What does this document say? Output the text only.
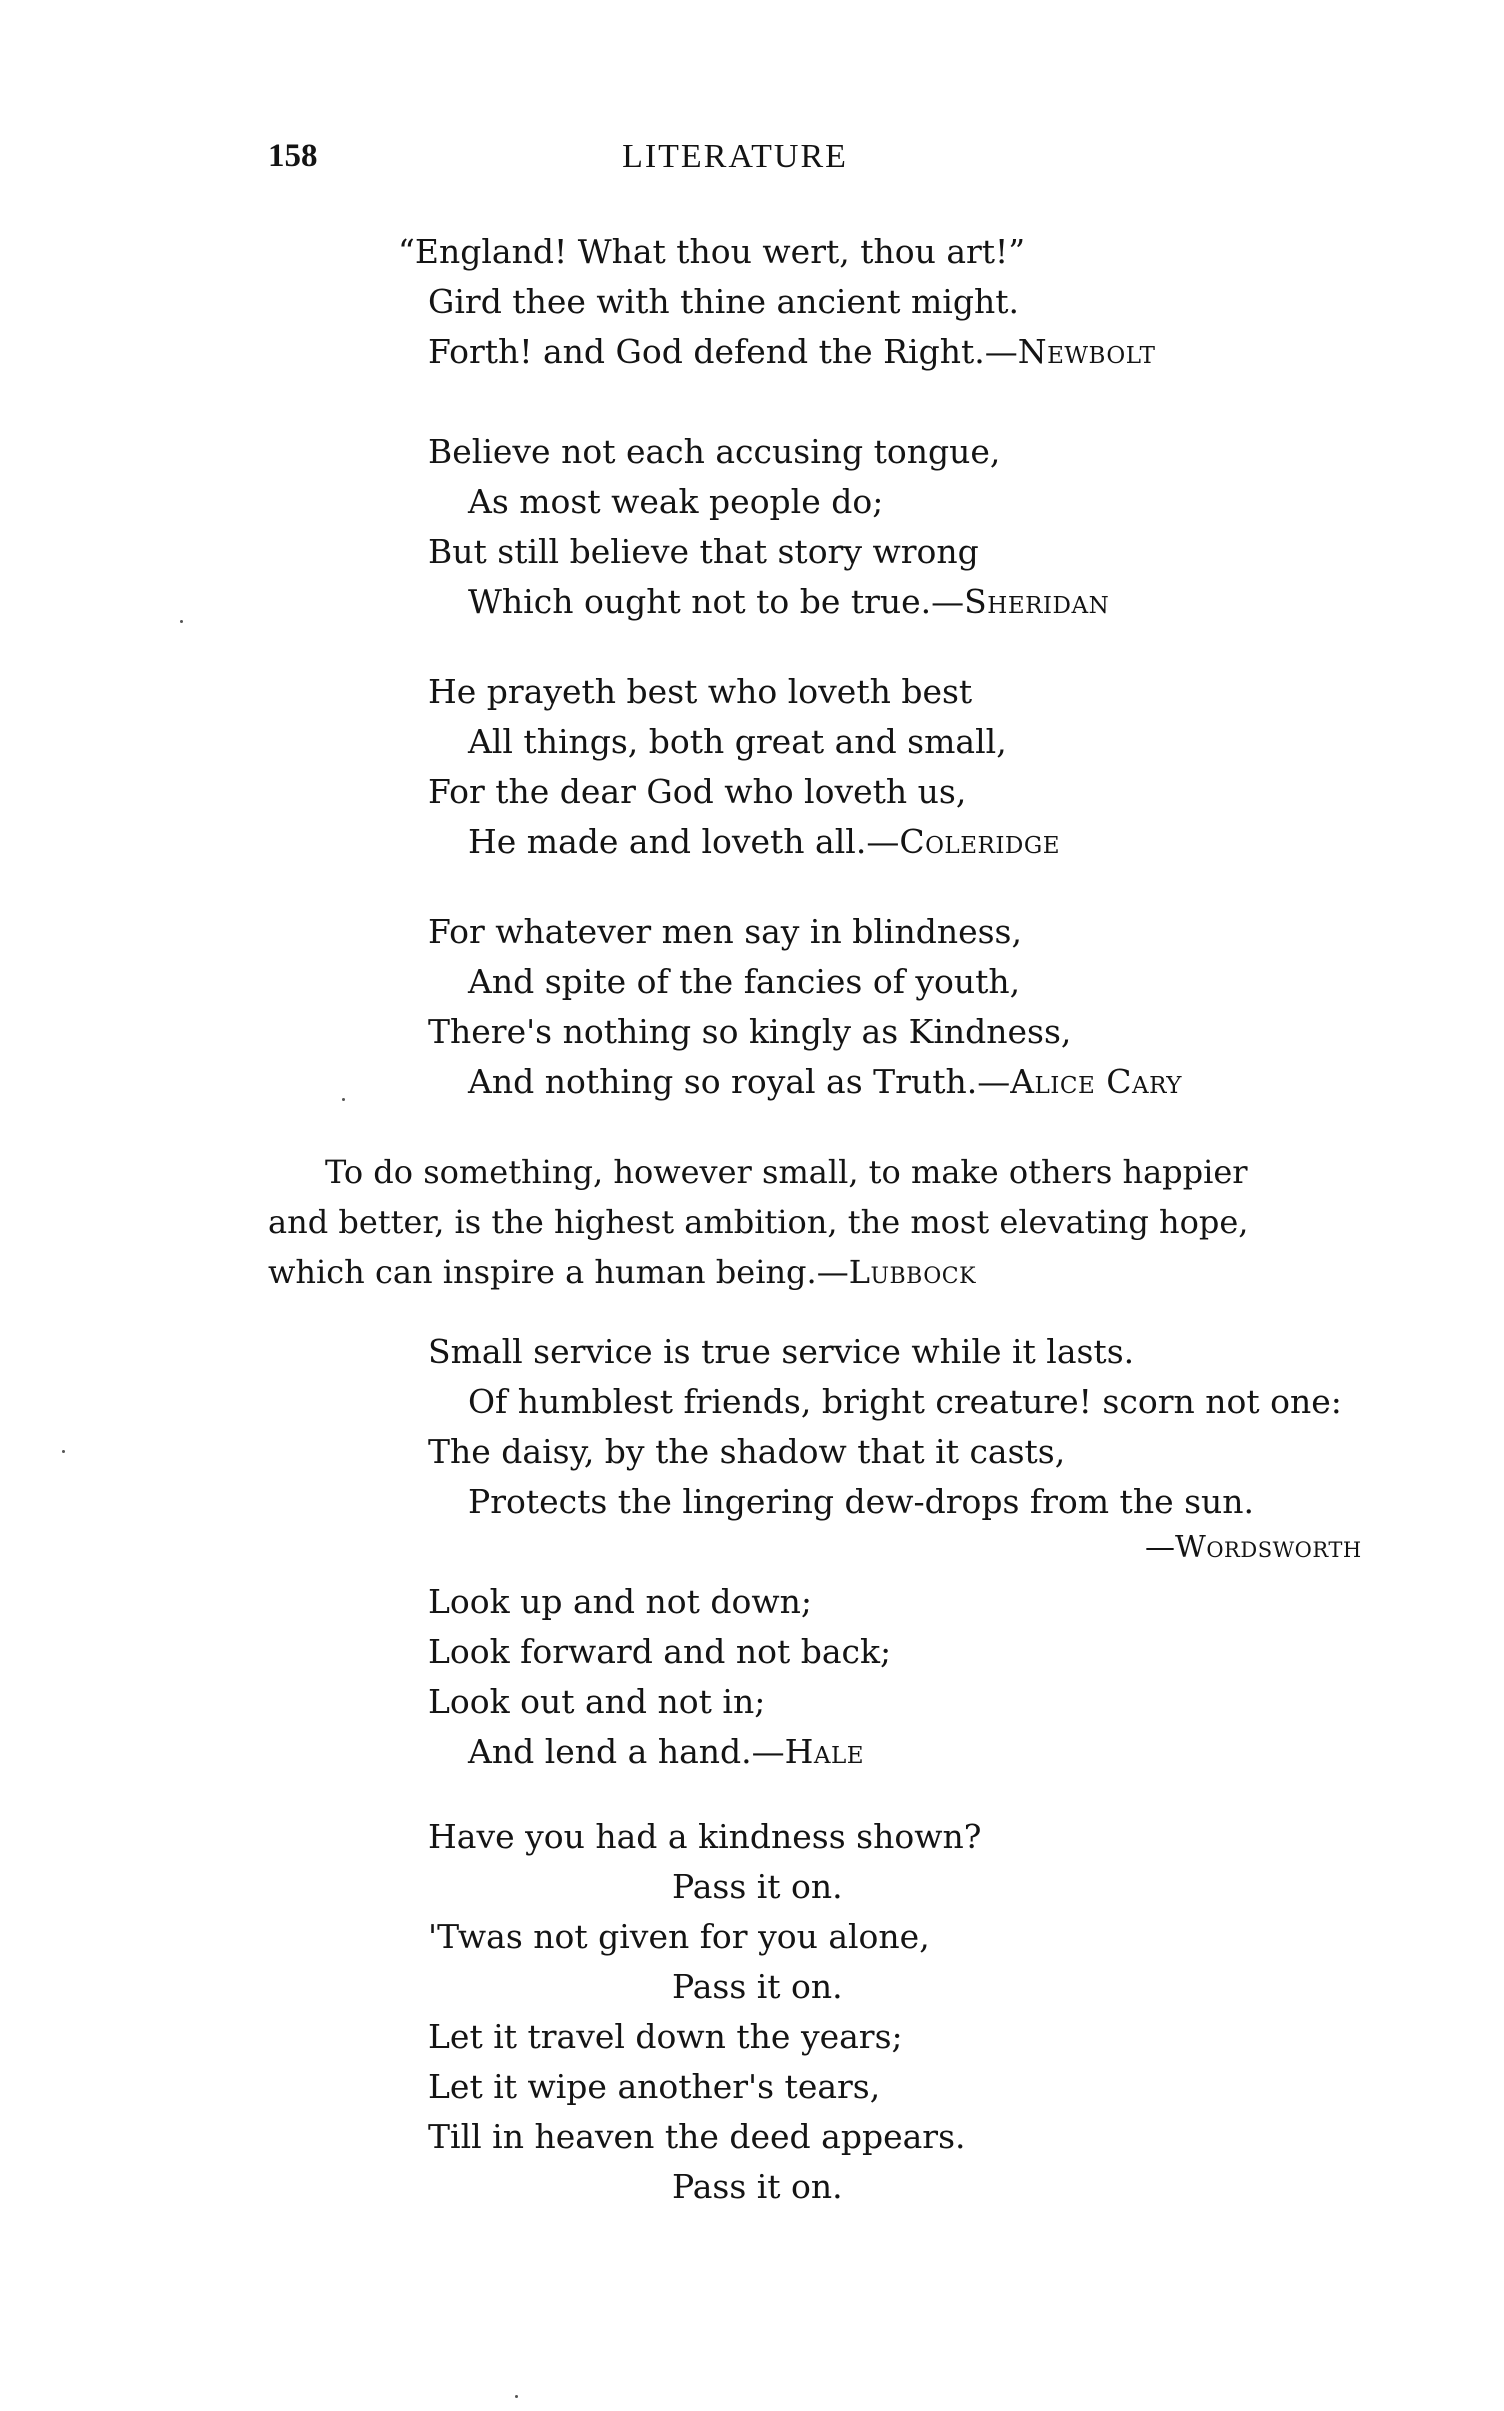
158	LITERATURE
“England! What thou wert, thou art!”
Gird thee with thine ancient might.
Forth! and God defend the Right.—Newbolt
Believe not each accusing tongue,
As most weak people do;
But still believe that story wrong
Which ought not to be true.—Sheridan
He prayeth best who loveth best
All things, both great and small,
For the dear God who loveth us,
He made and loveth all.—Coleridge
For whatever men say in blindness,
And spite of the fancies of youth,
There's nothing so kingly as Kindness,
And nothing so royal as Truth.—Alice Cary
To do something, however small, to make others happier
and better, is the highest ambition, the most elevating hope,
which can inspire a human being.—Lubbock
Small service is true service while it lasts.
Of humblest friends, bright creature! scorn not one:
The daisy, by the shadow that it casts,
Protects the lingering dew-drops from the sun.
—Wordsworth
Look up and not down;
Look forward and not back;
Look out and not in;
And lend a hand.—Hale
Have you had a kindness shown?
Pass it on.
'Twas not given for you alone,
Pass it on.
Let it travel down the years;
Let it wipe another's tears,
Till in heaven the deed appears.
Pass it on.
